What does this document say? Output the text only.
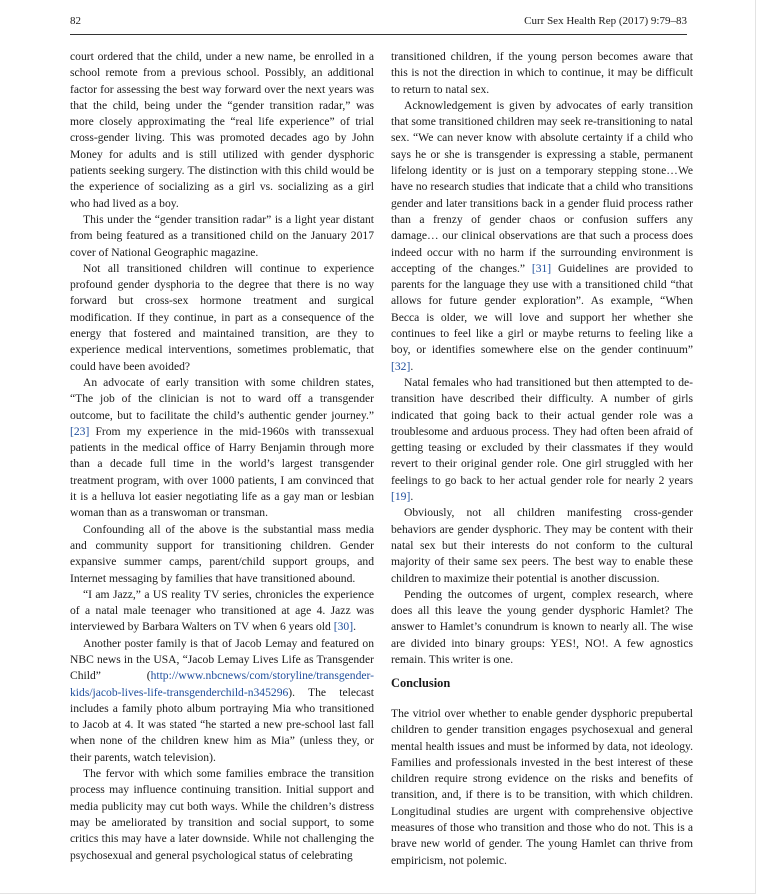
82	Curr Sex Health Rep (2017) 9:79–83

court ordered that the child, under a new name, be enrolled in a school remote from a previous school. Possibly, an additional factor for assessing the best way forward over the next years was that the child, being under the “gender transition radar,” was more closely approximating the “real life experience” of trial cross-gender living. This was promoted decades ago by John Money for adults and is still utilized with gender dysphoric patients seeking surgery. The distinction with this child would be the experience of socializing as a girl vs. socializing as a girl who had lived as a boy.

This under the “gender transition radar” is a light year distant from being featured as a transitioned child on the January 2017 cover of National Geographic magazine.

Not all transitioned children will continue to experience profound gender dysphoria to the degree that there is no way forward but cross-sex hormone treatment and surgical modification. If they continue, in part as a consequence of the energy that fostered and maintained transition, are they to experience medical interventions, sometimes problematic, that could have been avoided?

An advocate of early transition with some children states, “The job of the clinician is not to ward off a transgender outcome, but to facilitate the child’s authentic gender journey.” [23] From my experience in the mid-1960s with transsexual patients in the medical office of Harry Benjamin through more than a decade full time in the world’s largest transgender treatment program, with over 1000 patients, I am convinced that it is a helluva lot easier negotiating life as a gay man or lesbian woman than as a transwoman or transman.

Confounding all of the above is the substantial mass media and community support for transitioning children. Gender expansive summer camps, parent/child support groups, and Internet messaging by families that have transitioned abound.

“I am Jazz,” a US reality TV series, chronicles the experience of a natal male teenager who transitioned at age 4. Jazz was interviewed by Barbara Walters on TV when 6 years old [30].

Another poster family is that of Jacob Lemay and featured on NBC news in the USA, “Jacob Lemay Lives Life as Transgender Child” (http://www.nbcnews/com/storyline/transgender-kids/jacob-lives-life-transgenderchild-n345296). The telecast includes a family photo album portraying Mia who transitioned to Jacob at 4. It was stated “he started a new pre-school last fall when none of the children knew him as Mia” (unless they, or their parents, watch television).

The fervor with which some families embrace the transition process may influence continuing transition. Initial support and media publicity may cut both ways. While the children’s distress may be ameliorated by transition and social support, to some critics this may have a later downside. While not challenging the psychosexual and general psychological status of celebrating

transitioned children, if the young person becomes aware that this is not the direction in which to continue, it may be difficult to return to natal sex.

Acknowledgement is given by advocates of early transition that some transitioned children may seek re-transitioning to natal sex. “We can never know with absolute certainty if a child who says he or she is transgender is expressing a stable, permanent lifelong identity or is just on a temporary stepping stone…We have no research studies that indicate that a child who transitions gender and later transitions back in a gender fluid process rather than a frenzy of gender chaos or confusion suffers any damage… our clinical observations are that such a process does indeed occur with no harm if the surrounding environment is accepting of the changes.” [31] Guidelines are provided to parents for the language they use with a transitioned child “that allows for future gender exploration”. As example, “When Becca is older, we will love and support her whether she continues to feel like a girl or maybe returns to feeling like a boy, or identifies somewhere else on the gender continuum” [32].

Natal females who had transitioned but then attempted to de-transition have described their difficulty. A number of girls indicated that going back to their actual gender role was a troublesome and arduous process. They had often been afraid of getting teasing or excluded by their classmates if they would revert to their original gender role. One girl struggled with her feelings to go back to her actual gender role for nearly 2 years [19].

Obviously, not all children manifesting cross-gender behaviors are gender dysphoric. They may be content with their natal sex but their interests do not conform to the cultural majority of their same sex peers. The best way to enable these children to maximize their potential is another discussion.

Pending the outcomes of urgent, complex research, where does all this leave the young gender dysphoric Hamlet? The answer to Hamlet’s conundrum is known to nearly all. The wise are divided into binary groups: YES!, NO!. A few agnostics remain. This writer is one.

Conclusion

The vitriol over whether to enable gender dysphoric prepubertal children to gender transition engages psychosexual and general mental health issues and must be informed by data, not ideology. Families and professionals invested in the best interest of these children require strong evidence on the risks and benefits of transition, and, if there is to be transition, with which children. Longitudinal studies are urgent with comprehensive objective measures of those who transition and those who do not. This is a brave new world of gender. The young Hamlet can thrive from empiricism, not polemic.
